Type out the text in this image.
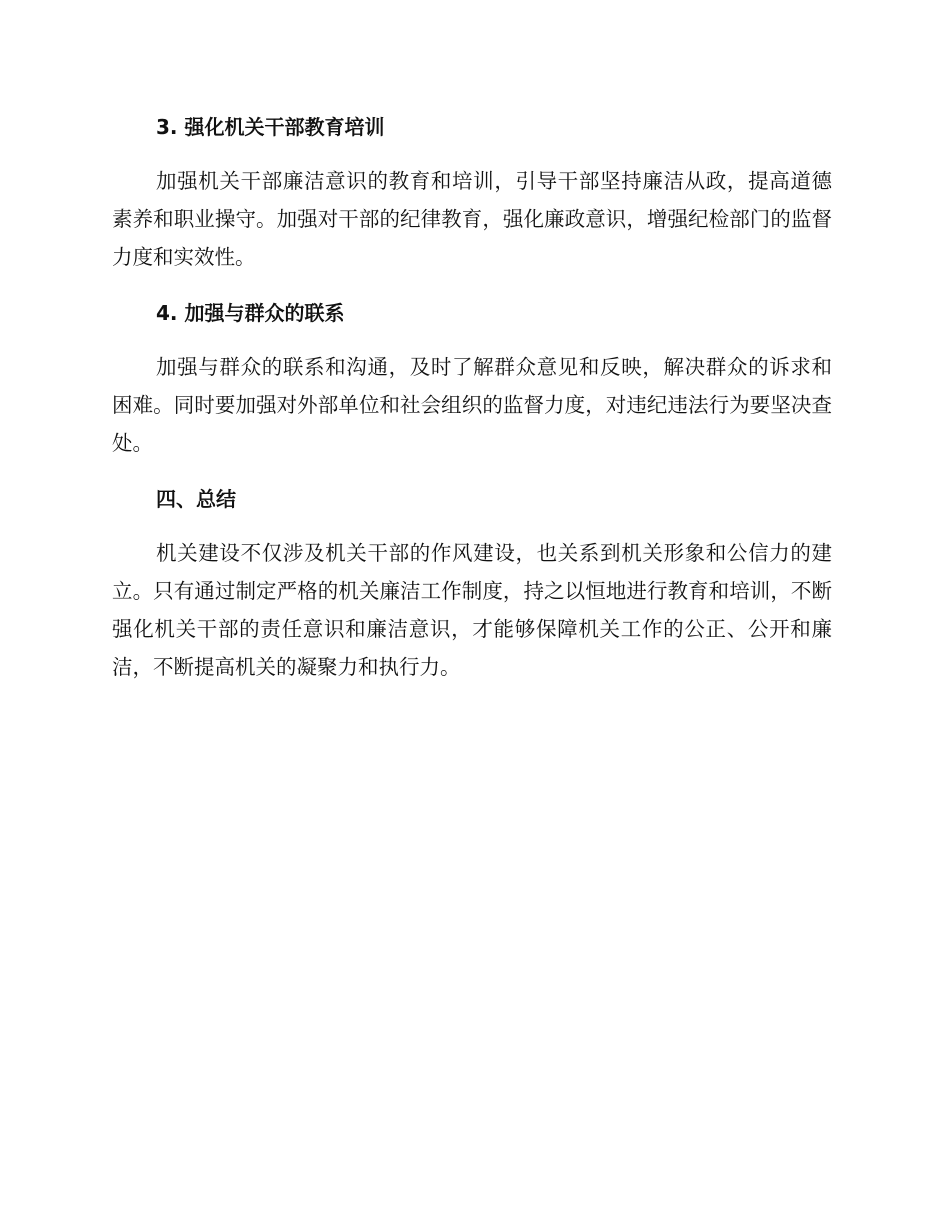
3. 强化机关干部教育培训

加强机关干部廉洁意识的教育和培训，引导干部坚持廉洁从政，提高道德素养和职业操守。加强对干部的纪律教育，强化廉政意识，增强纪检部门的监督力度和实效性。

4. 加强与群众的联系

加强与群众的联系和沟通，及时了解群众意见和反映，解决群众的诉求和困难。同时要加强对外部单位和社会组织的监督力度，对违纪违法行为要坚决查处。

四、总结

机关建设不仅涉及机关干部的作风建设，也关系到机关形象和公信力的建立。只有通过制定严格的机关廉洁工作制度，持之以恒地进行教育和培训，不断强化机关干部的责任意识和廉洁意识，才能够保障机关工作的公正、公开和廉洁，不断提高机关的凝聚力和执行力。
